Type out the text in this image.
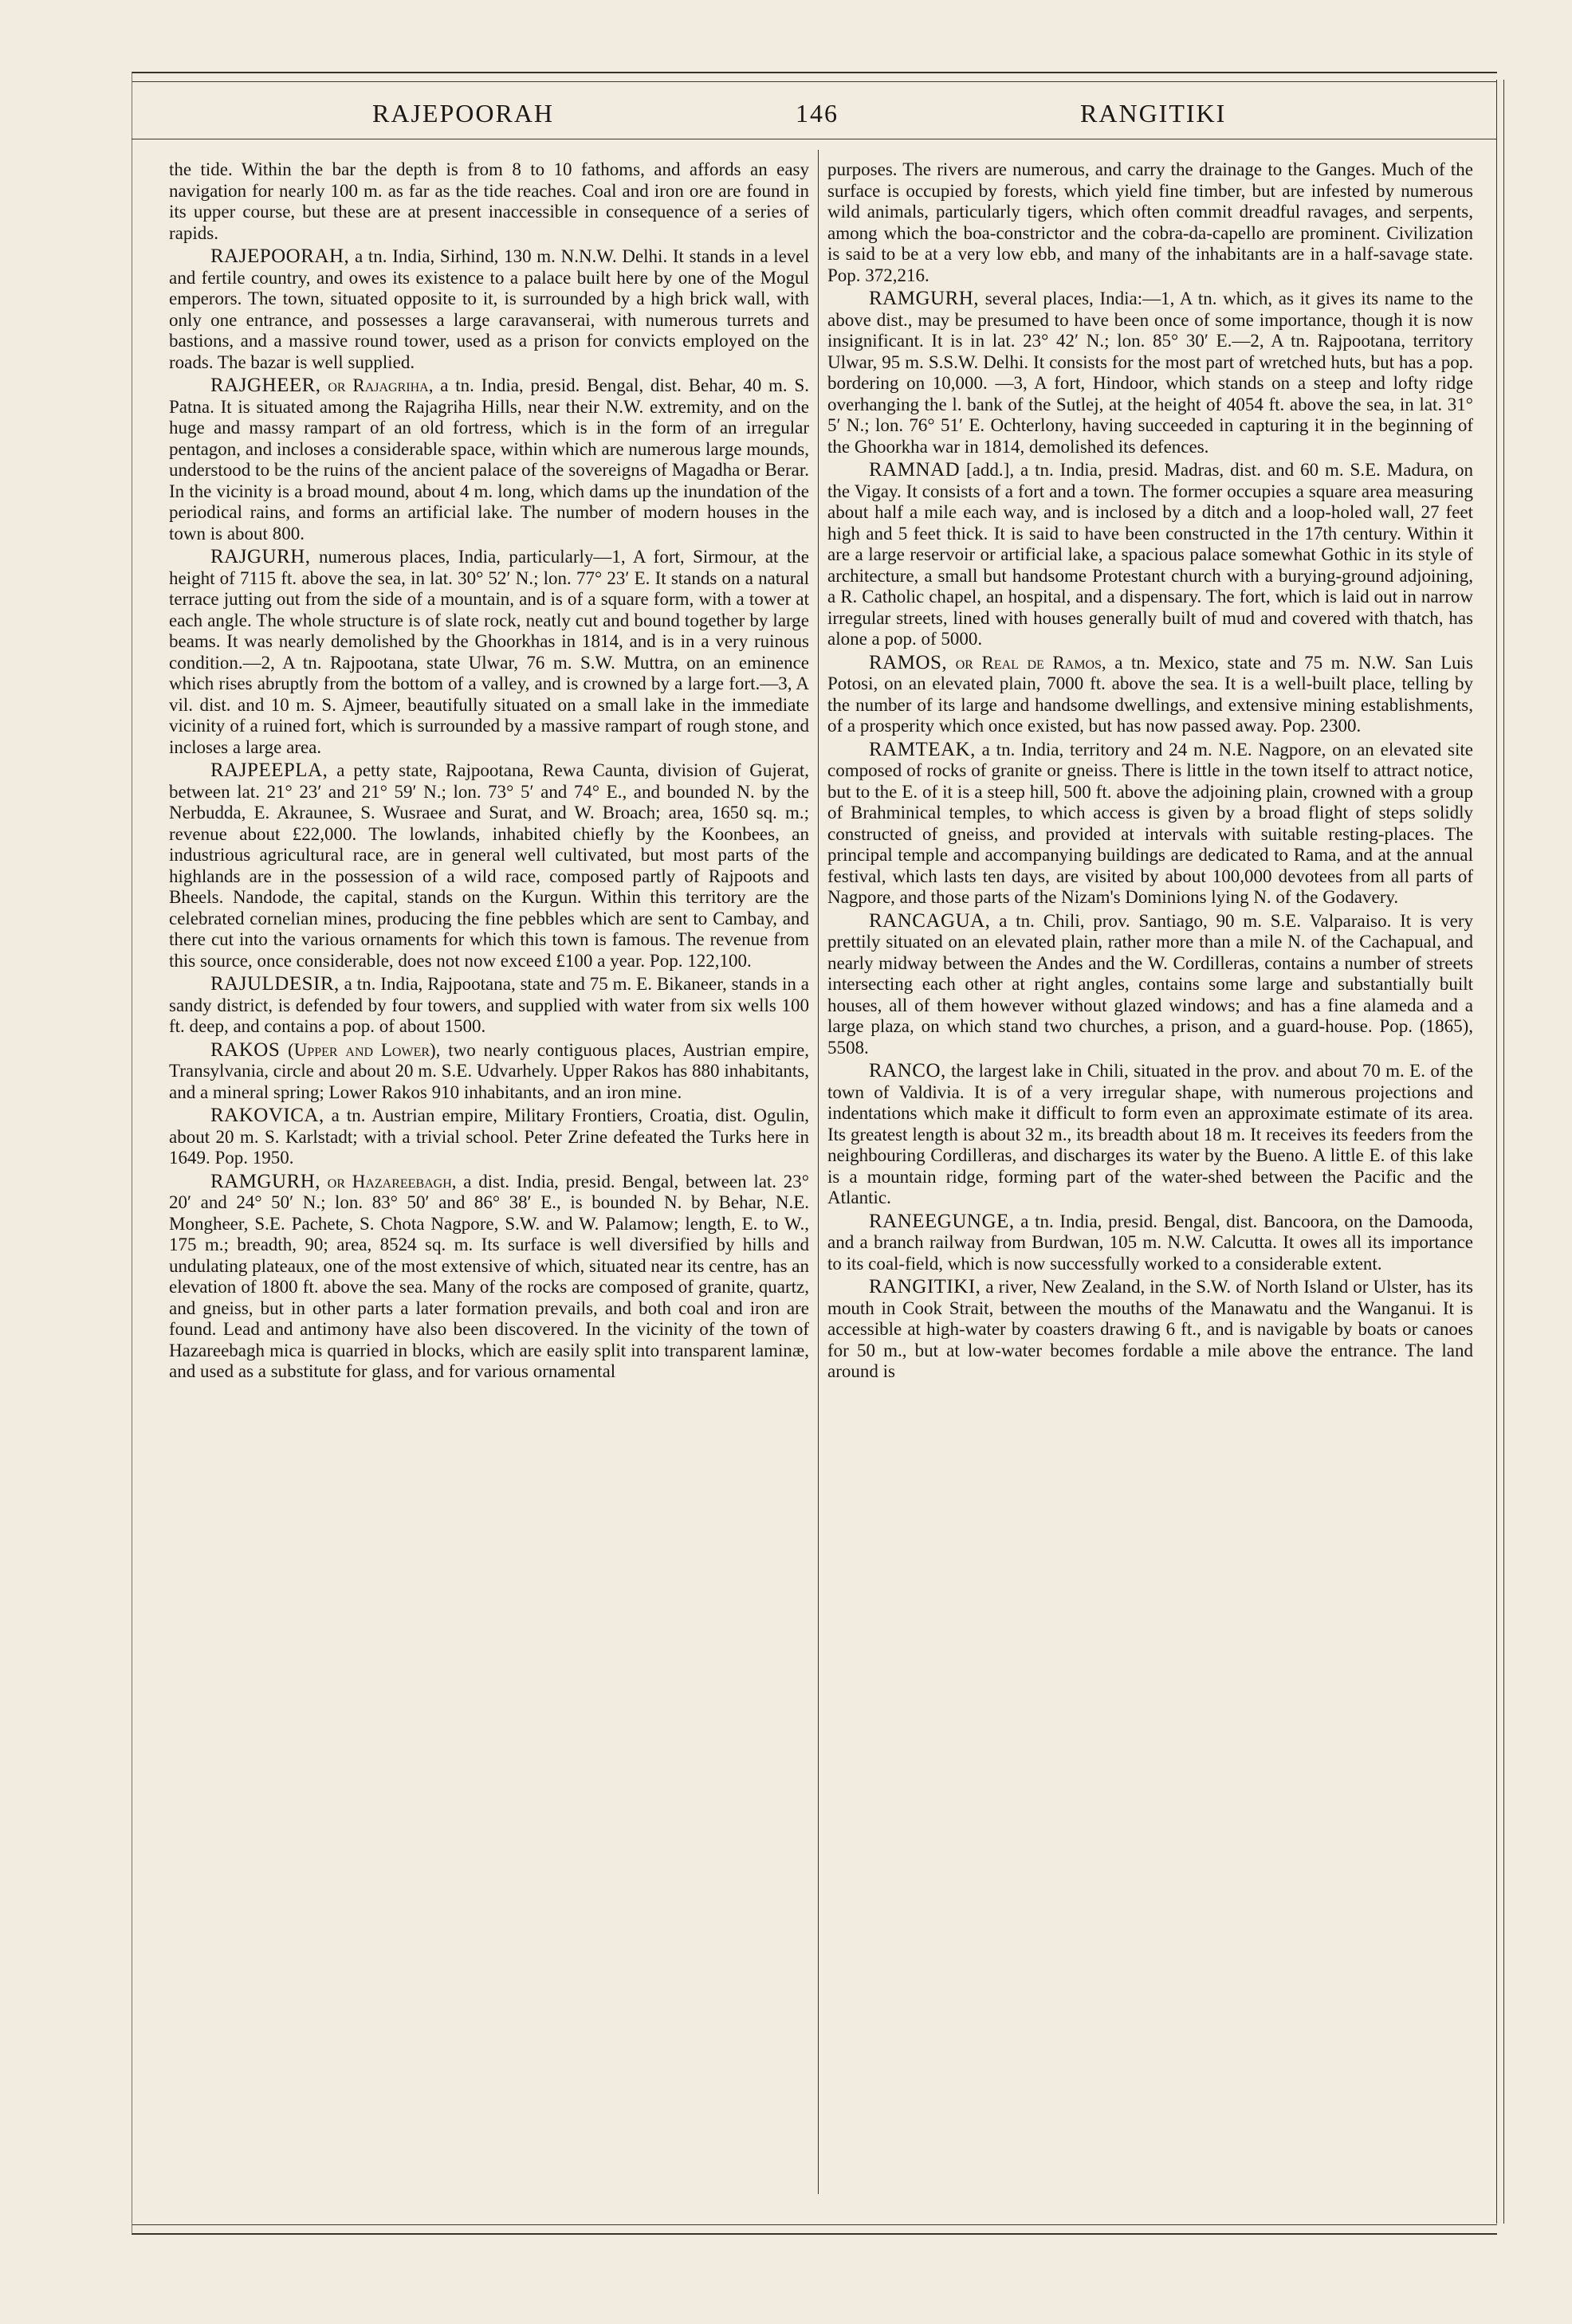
RAJEPOORAH	146	RANGITIKI

the tide. Within the bar the depth is from 8 to 10 fathoms, and affords an easy navigation for nearly 100 m. as far as the tide reaches. Coal and iron ore are found in its upper course, but these are at present inaccessible in consequence of a series of rapids.

RAJEPOORAH, a tn. India, Sirhind, 130 m. N.N.W. Delhi. It stands in a level and fertile country, and owes its existence to a palace built here by one of the Mogul emperors. The town, situated opposite to it, is surrounded by a high brick wall, with only one entrance, and possesses a large caravanserai, with numerous turrets and bastions, and a massive round tower, used as a prison for convicts employed on the roads. The bazar is well supplied.

RAJGHEER, or Rajagriha, a tn. India, presid. Bengal, dist. Behar, 40 m. S. Patna. It is situated among the Rajagriha Hills, near their N.W. extremity, and on the huge and massy rampart of an old fortress, which is in the form of an irregular pentagon, and incloses a considerable space, within which are numerous large mounds, understood to be the ruins of the ancient palace of the sovereigns of Magadha or Berar. In the vicinity is a broad mound, about 4 m. long, which dams up the inundation of the periodical rains, and forms an artificial lake. The number of modern houses in the town is about 800.

RAJGURH, numerous places, India, particularly—1, A fort, Sirmour, at the height of 7115 ft. above the sea, in lat. 30° 52′ N.; lon. 77° 23′ E. It stands on a natural terrace jutting out from the side of a mountain, and is of a square form, with a tower at each angle. The whole structure is of slate rock, neatly cut and bound together by large beams. It was nearly demolished by the Ghoorkhas in 1814, and is in a very ruinous condition.—2, A tn. Rajpootana, state Ulwar, 76 m. S.W. Muttra, on an eminence which rises abruptly from the bottom of a valley, and is crowned by a large fort.—3, A vil. dist. and 10 m. S. Ajmeer, beautifully situated on a small lake in the immediate vicinity of a ruined fort, which is surrounded by a massive rampart of rough stone, and incloses a large area.

RAJPEEPLA, a petty state, Rajpootana, Rewa Caunta, division of Gujerat, between lat. 21° 23′ and 21° 59′ N.; lon. 73° 5′ and 74° E., and bounded N. by the Nerbudda, E. Akraunee, S. Wusraee and Surat, and W. Broach; area, 1650 sq. m.; revenue about £22,000. The lowlands, inhabited chiefly by the Koonbees, an industrious agricultural race, are in general well cultivated, but most parts of the highlands are in the possession of a wild race, composed partly of Rajpoots and Bheels. Nandode, the capital, stands on the Kurgun. Within this territory are the celebrated cornelian mines, producing the fine pebbles which are sent to Cambay, and there cut into the various ornaments for which this town is famous. The revenue from this source, once considerable, does not now exceed £100 a year. Pop. 122,100.

RAJULDESIR, a tn. India, Rajpootana, state and 75 m. E. Bikaneer, stands in a sandy district, is defended by four towers, and supplied with water from six wells 100 ft. deep, and contains a pop. of about 1500.

RAKOS (Upper and Lower), two nearly contiguous places, Austrian empire, Transylvania, circle and about 20 m. S.E. Udvarhely. Upper Rakos has 880 inhabitants, and a mineral spring; Lower Rakos 910 inhabitants, and an iron mine.

RAKOVICA, a tn. Austrian empire, Military Frontiers, Croatia, dist. Ogulin, about 20 m. S. Karlstadt; with a trivial school. Peter Zrine defeated the Turks here in 1649. Pop. 1950.

RAMGURH, or Hazareebagh, a dist. India, presid. Bengal, between lat. 23° 20′ and 24° 50′ N.; lon. 83° 50′ and 86° 38′ E., is bounded N. by Behar, N.E. Mongheer, S.E. Pachete, S. Chota Nagpore, S.W. and W. Palamow; length, E. to W., 175 m.; breadth, 90; area, 8524 sq. m. Its surface is well diversified by hills and undulating plateaux, one of the most extensive of which, situated near its centre, has an elevation of 1800 ft. above the sea. Many of the rocks are composed of granite, quartz, and gneiss, but in other parts a later formation prevails, and both coal and iron are found. Lead and antimony have also been discovered. In the vicinity of the town of Hazareebagh mica is quarried in blocks, which are easily split into transparent laminæ, and used as a substitute for glass, and for various ornamental

purposes. The rivers are numerous, and carry the drainage to the Ganges. Much of the surface is occupied by forests, which yield fine timber, but are infested by numerous wild animals, particularly tigers, which often commit dreadful ravages, and serpents, among which the boa-constrictor and the cobra-da-capello are prominent. Civilization is said to be at a very low ebb, and many of the inhabitants are in a half-savage state. Pop. 372,216.

RAMGURH, several places, India:—1, A tn. which, as it gives its name to the above dist., may be presumed to have been once of some importance, though it is now insignificant. It is in lat. 23° 42′ N.; lon. 85° 30′ E.—2, A tn. Rajpootana, territory Ulwar, 95 m. S.S.W. Delhi. It consists for the most part of wretched huts, but has a pop. bordering on 10,000. —3, A fort, Hindoor, which stands on a steep and lofty ridge overhanging the l. bank of the Sutlej, at the height of 4054 ft. above the sea, in lat. 31° 5′ N.; lon. 76° 51′ E. Ochterlony, having succeeded in capturing it in the beginning of the Ghoorkha war in 1814, demolished its defences.

RAMNAD [add.], a tn. India, presid. Madras, dist. and 60 m. S.E. Madura, on the Vigay. It consists of a fort and a town. The former occupies a square area measuring about half a mile each way, and is inclosed by a ditch and a loop-holed wall, 27 feet high and 5 feet thick. It is said to have been constructed in the 17th century. Within it are a large reservoir or artificial lake, a spacious palace somewhat Gothic in its style of architecture, a small but handsome Protestant church with a burying-ground adjoining, a R. Catholic chapel, an hospital, and a dispensary. The fort, which is laid out in narrow irregular streets, lined with houses generally built of mud and covered with thatch, has alone a pop. of 5000.

RAMOS, or Real de Ramos, a tn. Mexico, state and 75 m. N.W. San Luis Potosi, on an elevated plain, 7000 ft. above the sea. It is a well-built place, telling by the number of its large and handsome dwellings, and extensive mining establishments, of a prosperity which once existed, but has now passed away. Pop. 2300.

RAMTEAK, a tn. India, territory and 24 m. N.E. Nagpore, on an elevated site composed of rocks of granite or gneiss. There is little in the town itself to attract notice, but to the E. of it is a steep hill, 500 ft. above the adjoining plain, crowned with a group of Brahminical temples, to which access is given by a broad flight of steps solidly constructed of gneiss, and provided at intervals with suitable resting-places. The principal temple and accompanying buildings are dedicated to Rama, and at the annual festival, which lasts ten days, are visited by about 100,000 devotees from all parts of Nagpore, and those parts of the Nizam's Dominions lying N. of the Godavery.

RANCAGUA, a tn. Chili, prov. Santiago, 90 m. S.E. Valparaiso. It is very prettily situated on an elevated plain, rather more than a mile N. of the Cachapual, and nearly midway between the Andes and the W. Cordilleras, contains a number of streets intersecting each other at right angles, contains some large and substantially built houses, all of them however without glazed windows; and has a fine alameda and a large plaza, on which stand two churches, a prison, and a guard-house. Pop. (1865), 5508.

RANCO, the largest lake in Chili, situated in the prov. and about 70 m. E. of the town of Valdivia. It is of a very irregular shape, with numerous projections and indentations which make it difficult to form even an approximate estimate of its area. Its greatest length is about 32 m., its breadth about 18 m. It receives its feeders from the neighbouring Cordilleras, and discharges its water by the Bueno. A little E. of this lake is a mountain ridge, forming part of the water-shed between the Pacific and the Atlantic.

RANEEGUNGE, a tn. India, presid. Bengal, dist. Bancoora, on the Damooda, and a branch railway from Burdwan, 105 m. N.W. Calcutta. It owes all its importance to its coal-field, which is now successfully worked to a considerable extent.

RANGITIKI, a river, New Zealand, in the S.W. of North Island or Ulster, has its mouth in Cook Strait, between the mouths of the Manawatu and the Wanganui. It is accessible at high-water by coasters drawing 6 ft., and is navigable by boats or canoes for 50 m., but at low-water becomes fordable a mile above the entrance. The land around is
